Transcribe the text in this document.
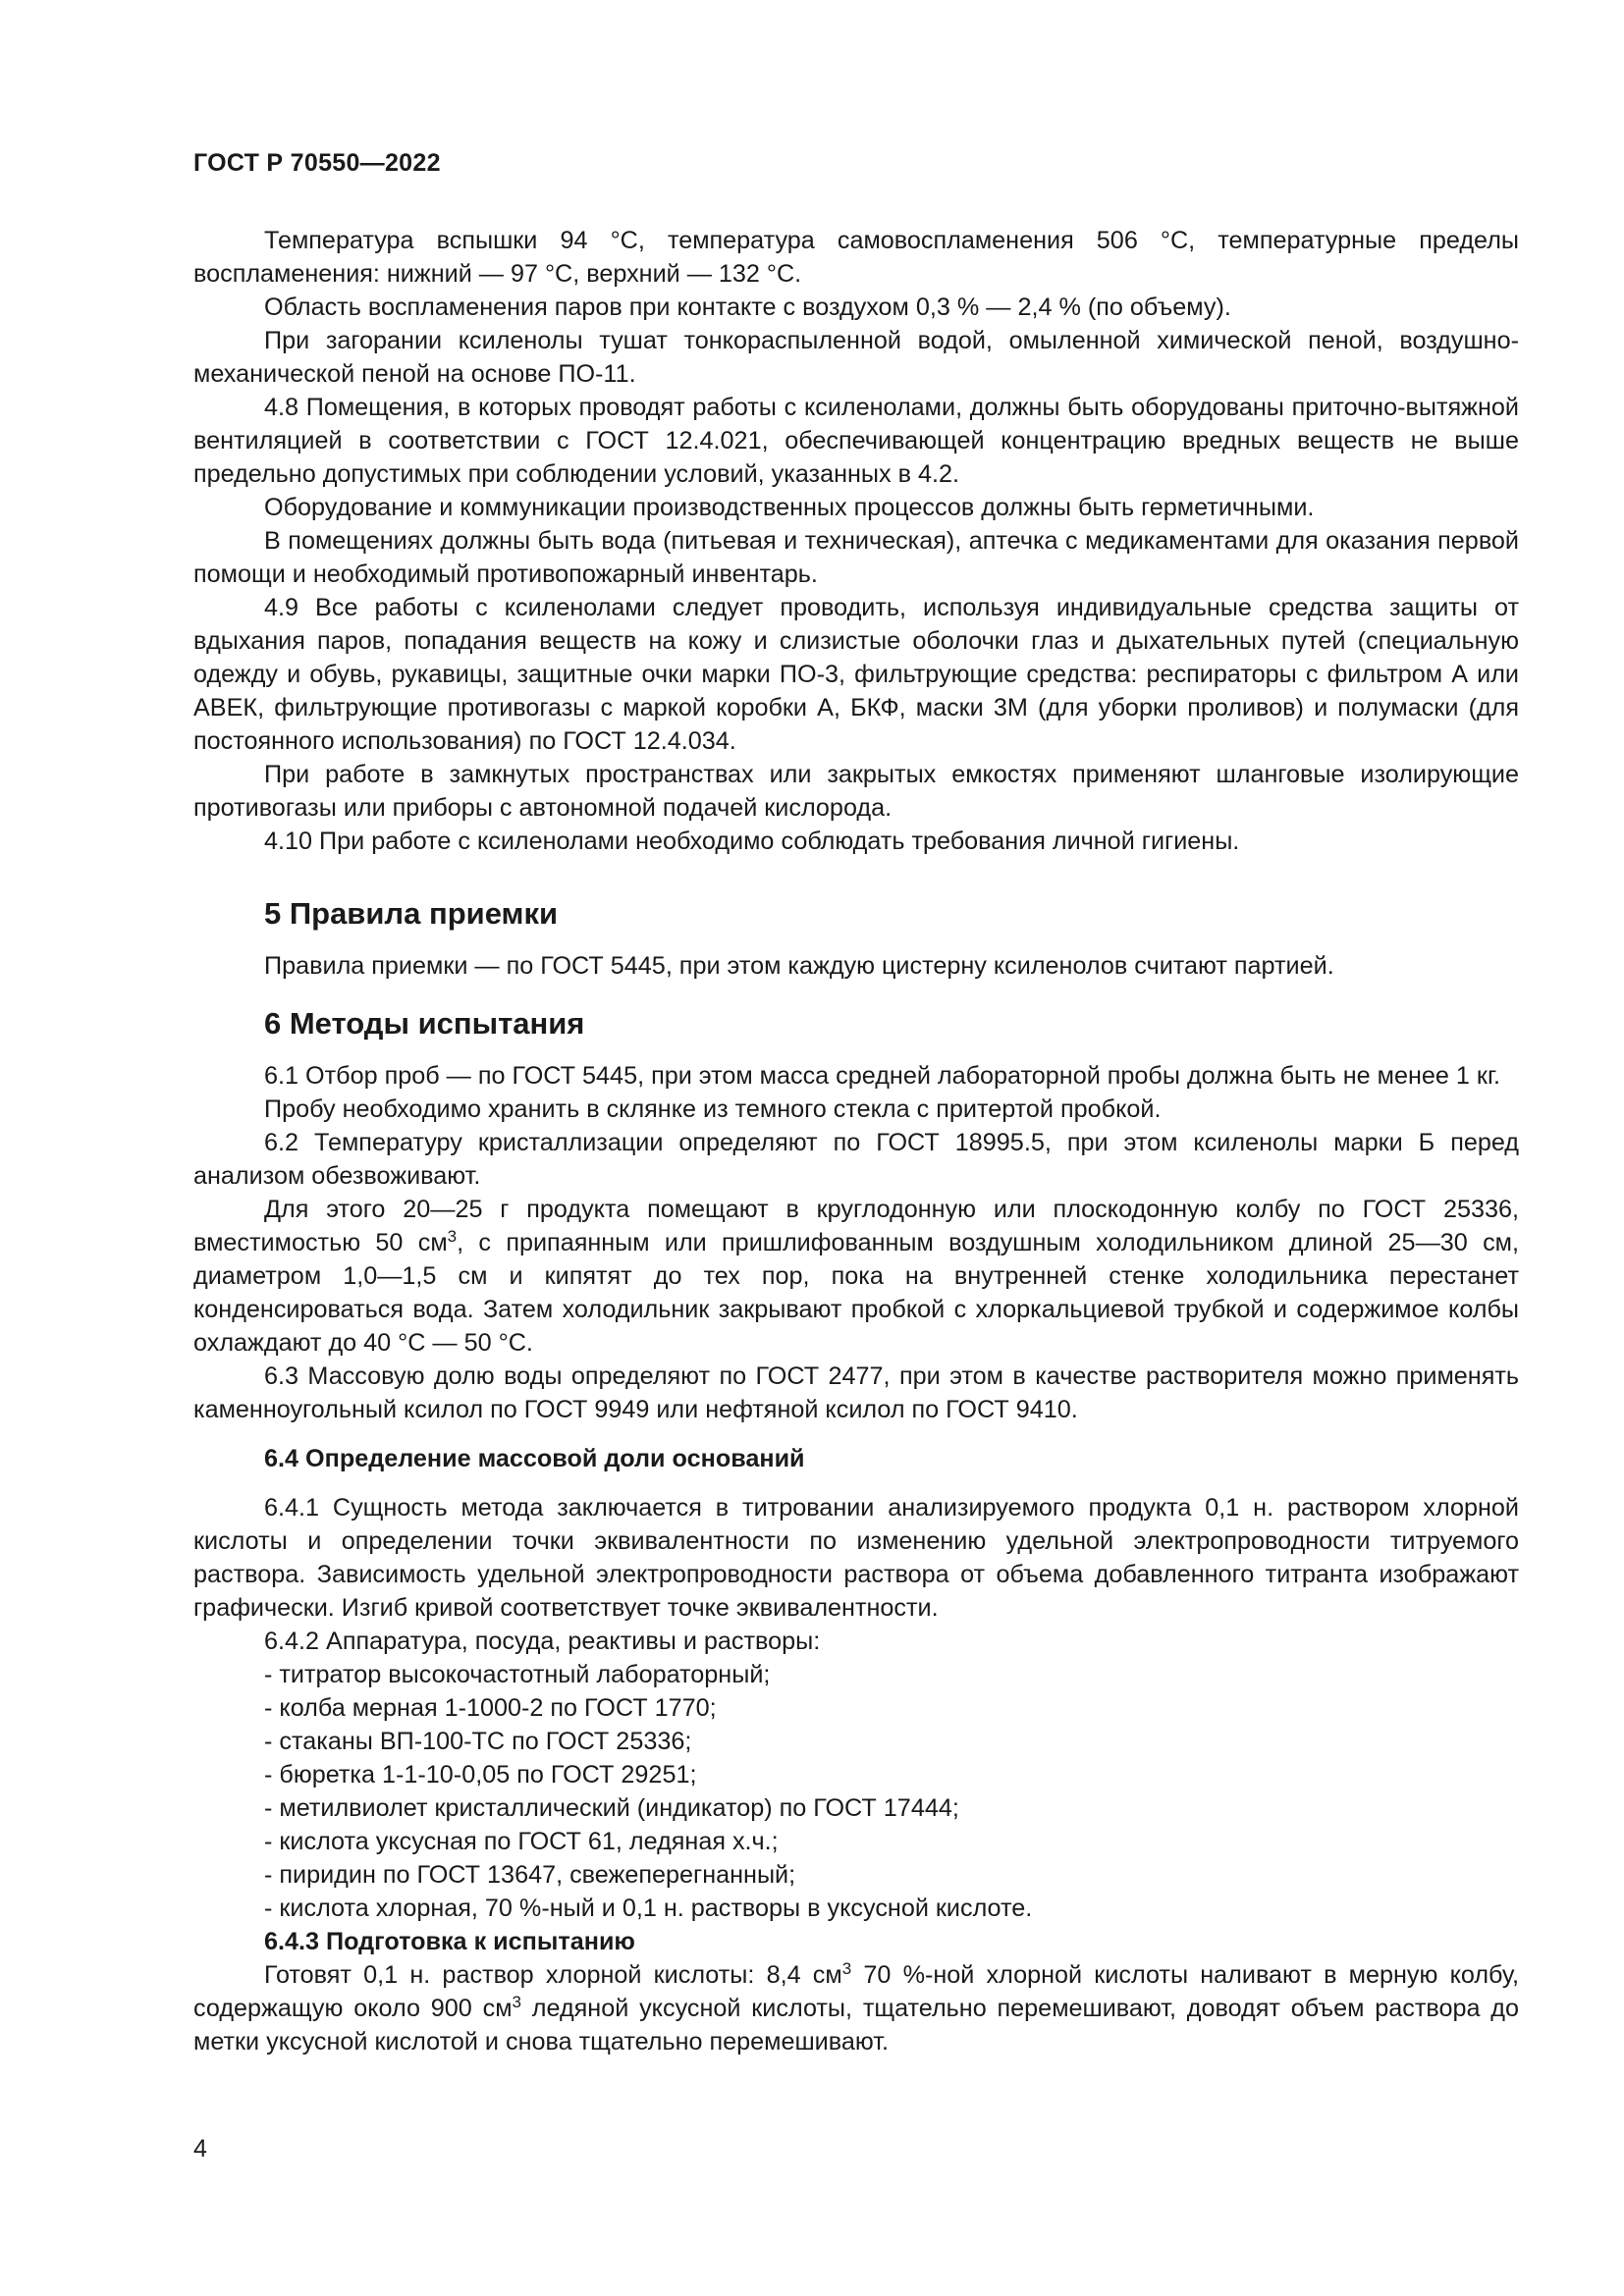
ГОСТ Р 70550—2022

Температура вспышки 94 °С, температура самовоспламенения 506 °С, температурные пределы воспламенения: нижний — 97 °С, верхний — 132 °С.

Область воспламенения паров при контакте с воздухом 0,3 % — 2,4 % (по объему).

При загорании ксиленолы тушат тонкораспыленной водой, омыленной химической пеной, воздушно-механической пеной на основе ПО-11.

4.8 Помещения, в которых проводят работы с ксиленолами, должны быть оборудованы приточно-вытяжной вентиляцией в соответствии с ГОСТ 12.4.021, обеспечивающей концентрацию вредных веществ не выше предельно допустимых при соблюдении условий, указанных в 4.2.

Оборудование и коммуникации производственных процессов должны быть герметичными.

В помещениях должны быть вода (питьевая и техническая), аптечка с медикаментами для оказания первой помощи и необходимый противопожарный инвентарь.

4.9 Все работы с ксиленолами следует проводить, используя индивидуальные средства защиты от вдыхания паров, попадания веществ на кожу и слизистые оболочки глаз и дыхательных путей (специальную одежду и обувь, рукавицы, защитные очки марки ПО-3, фильтрующие средства: респираторы с фильтром А или АВЕК, фильтрующие противогазы с маркой коробки А, БКФ, маски 3М (для уборки проливов) и полумаски (для постоянного использования) по ГОСТ 12.4.034.

При работе в замкнутых пространствах или закрытых емкостях применяют шланговые изолирующие противогазы или приборы с автономной подачей кислорода.

4.10 При работе с ксиленолами необходимо соблюдать требования личной гигиены.

5 Правила приемки

Правила приемки — по ГОСТ 5445, при этом каждую цистерну ксиленолов считают партией.

6 Методы испытания

6.1 Отбор проб — по ГОСТ 5445, при этом масса средней лабораторной пробы должна быть не менее 1 кг.

Пробу необходимо хранить в склянке из темного стекла с притертой пробкой.

6.2 Температуру кристаллизации определяют по ГОСТ 18995.5, при этом ксиленолы марки Б перед анализом обезвоживают.

Для этого 20—25 г продукта помещают в круглодонную или плоскодонную колбу по ГОСТ 25336, вместимостью 50 $см^3$, с припаянным или пришлифованным воздушным холодильником длиной 25—30 см, диаметром 1,0—1,5 см и кипятят до тех пор, пока на внутренней стенке холодильника перестанет конденсироваться вода. Затем холодильник закрывают пробкой с хлоркальциевой трубкой и содержимое колбы охлаждают до 40 °С — 50 °С.

6.3 Массовую долю воды определяют по ГОСТ 2477, при этом в качестве растворителя можно применять каменноугольный ксилол по ГОСТ 9949 или нефтяной ксилол по ГОСТ 9410.

6.4 Определение массовой доли оснований

6.4.1 Сущность метода заключается в титровании анализируемого продукта 0,1 н. раствором хлорной кислоты и определении точки эквивалентности по изменению удельной электропроводности титруемого раствора. Зависимость удельной электропроводности раствора от объема добавленного титранта изображают графически. Изгиб кривой соответствует точке эквивалентности.

6.4.2 Аппаратура, посуда, реактивы и растворы:

- титратор высокочастотный лабораторный;
- колба мерная 1-1000-2 по ГОСТ 1770;
- стаканы ВП-100-ТС по ГОСТ 25336;
- бюретка 1-1-10-0,05 по ГОСТ 29251;
- метилвиолет кристаллический (индикатор) по ГОСТ 17444;
- кислота уксусная по ГОСТ 61, ледяная х.ч.;
- пиридин по ГОСТ 13647, свежеперегнанный;
- кислота хлорная, 70 %-ный и 0,1 н. растворы в уксусной кислоте.
6.4.3 Подготовка к испытанию

Готовят 0,1 н. раствор хлорной кислоты: 8,4 $см^3$ 70 %-ной хлорной кислоты наливают в мерную колбу, содержащую около 900 $см^3$ ледяной уксусной кислоты, тщательно перемешивают, доводят объем раствора до метки уксусной кислотой и снова тщательно перемешивают.

4
